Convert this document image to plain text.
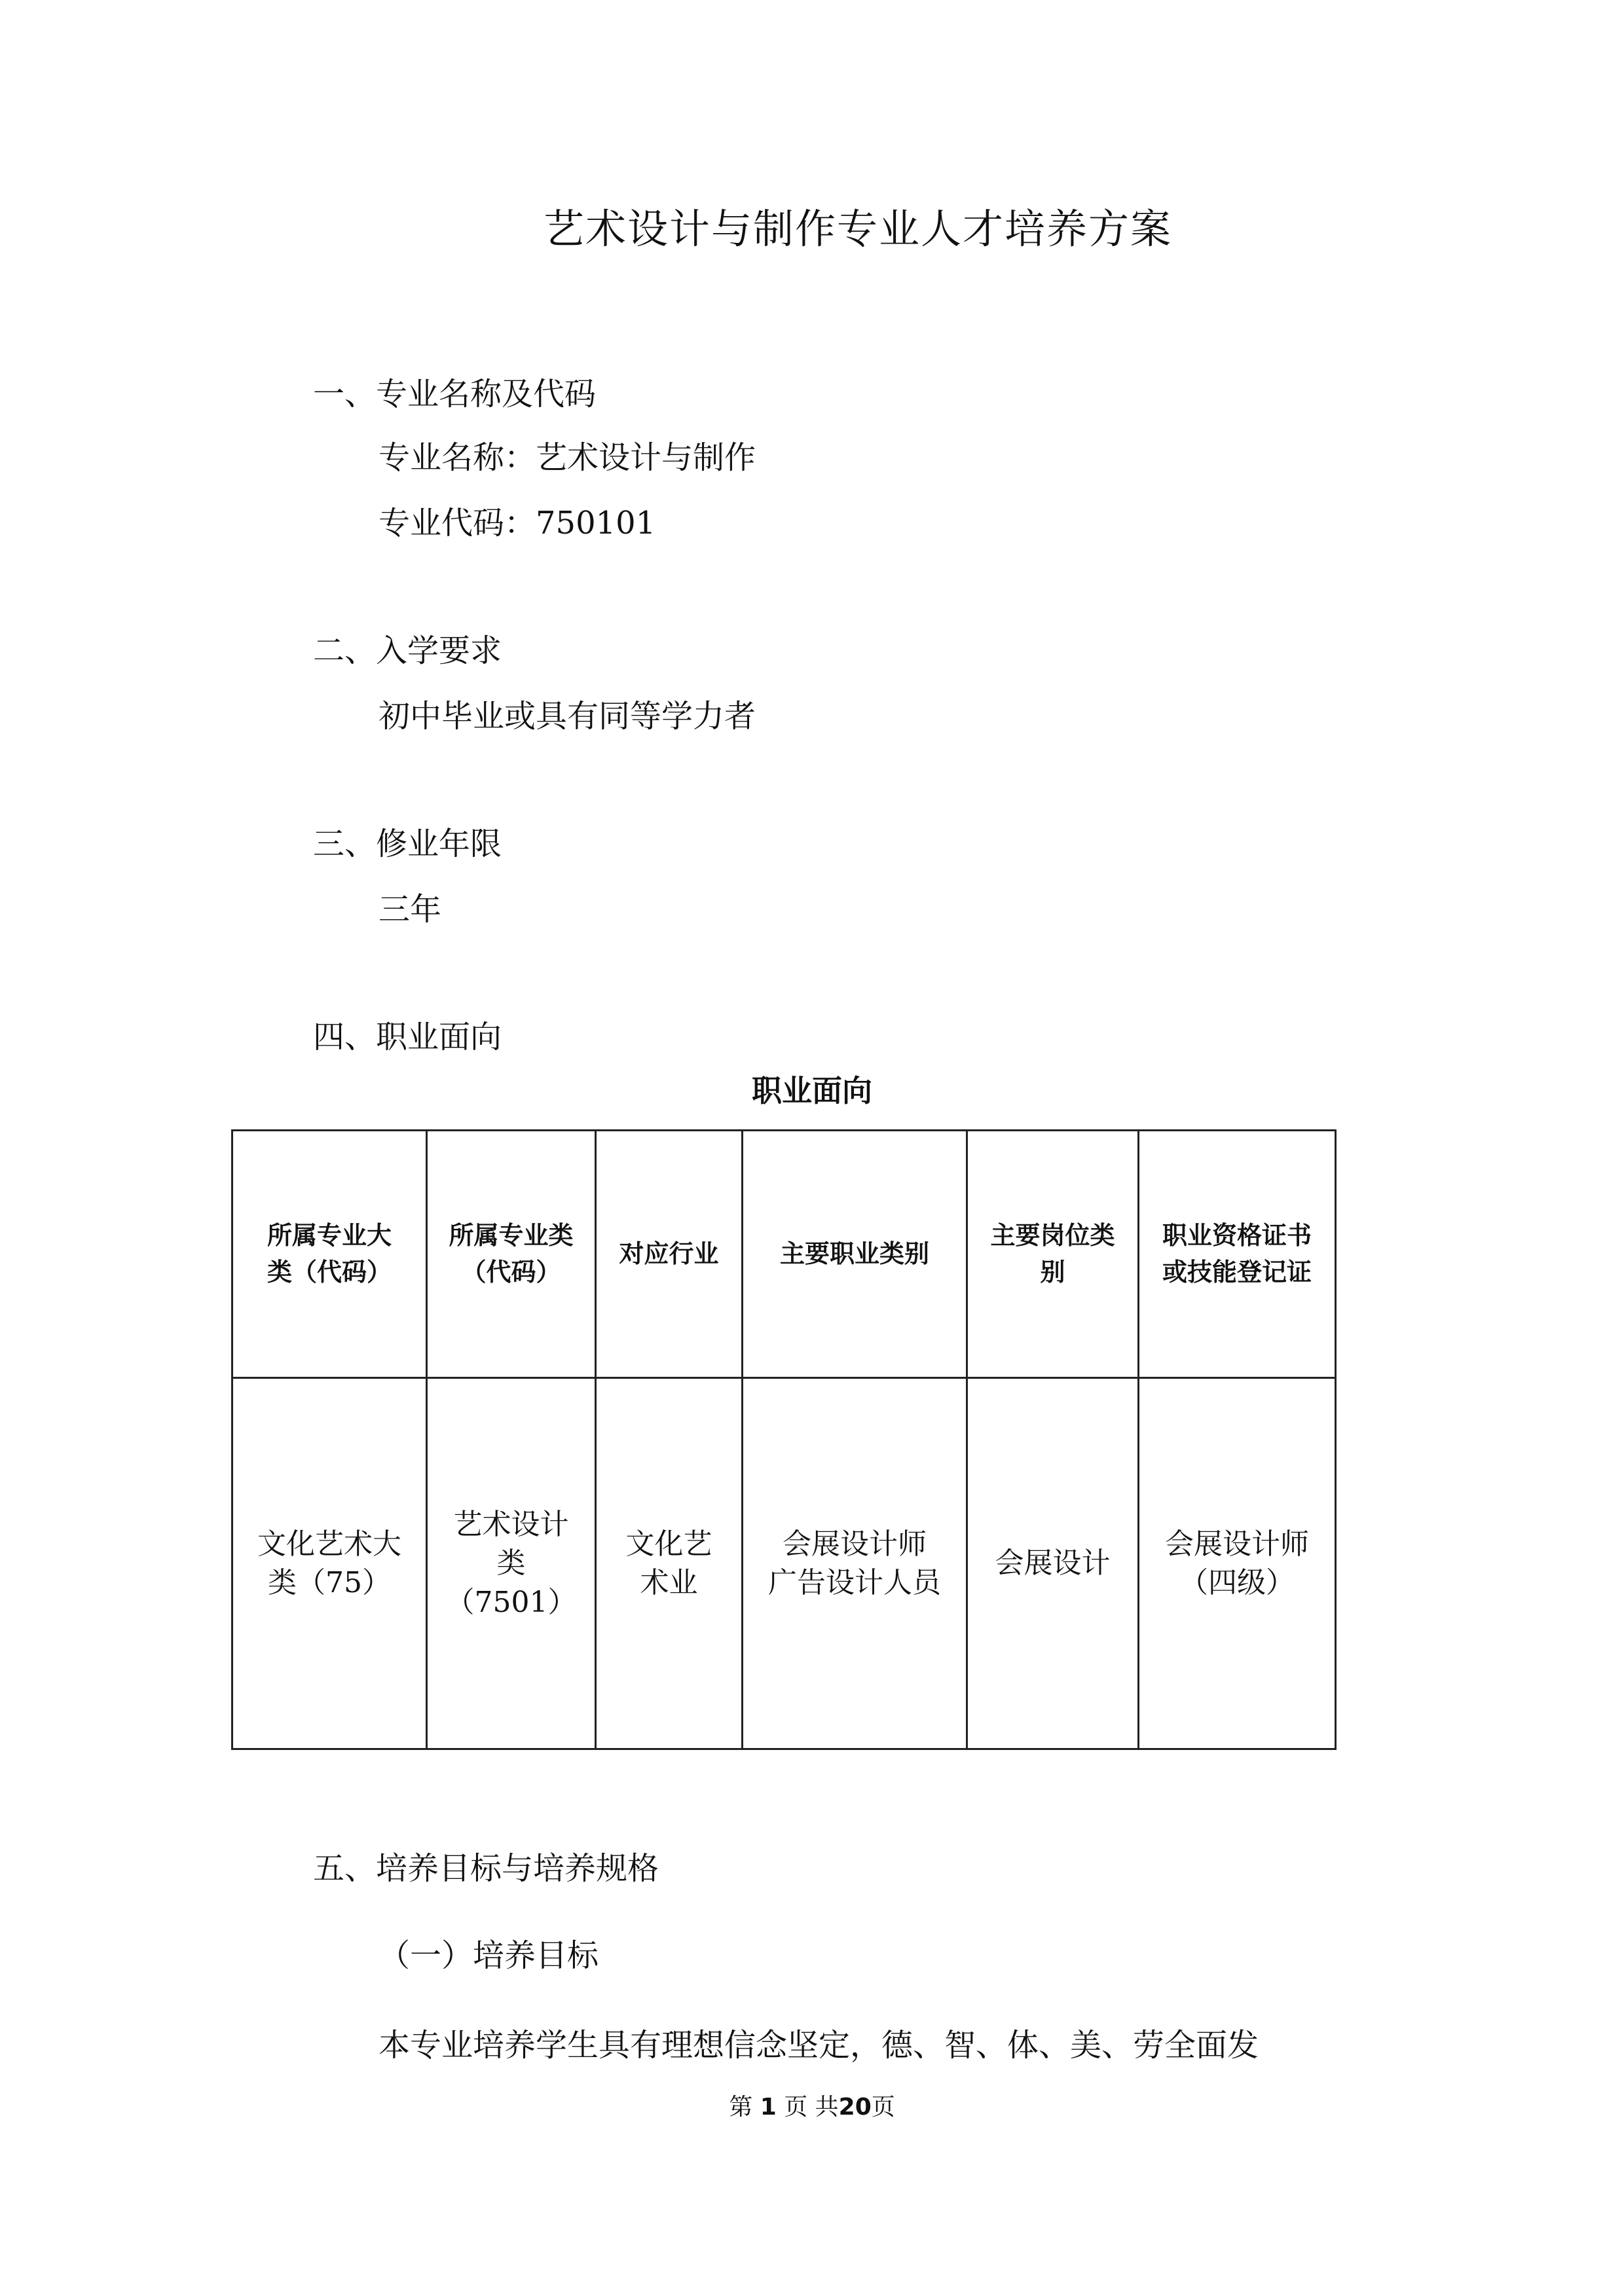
艺术设计与制作专业人才培养方案
一、专业名称及代码
专业名称：艺术设计与制作
专业代码：750101
二、入学要求
初中毕业或具有同等学力者
三、修业年限
三年
四、职业面向
职业面向
所属专业大
类（代码）	所属专业类
（代码）	对应行业	主要职业类别	主要岗位类
别	职业资格证书
或技能登记证

文化艺术大
类（75）	艺术设计
类
（7501）	文化艺
术业	会展设计师
广告设计人员	会展设计	会展设计师
（四级）
五、培养目标与培养规格
（一）培养目标
本专业培养学生具有理想信念坚定，德、智、体、美、劳全面发
第 1 页 共20页
